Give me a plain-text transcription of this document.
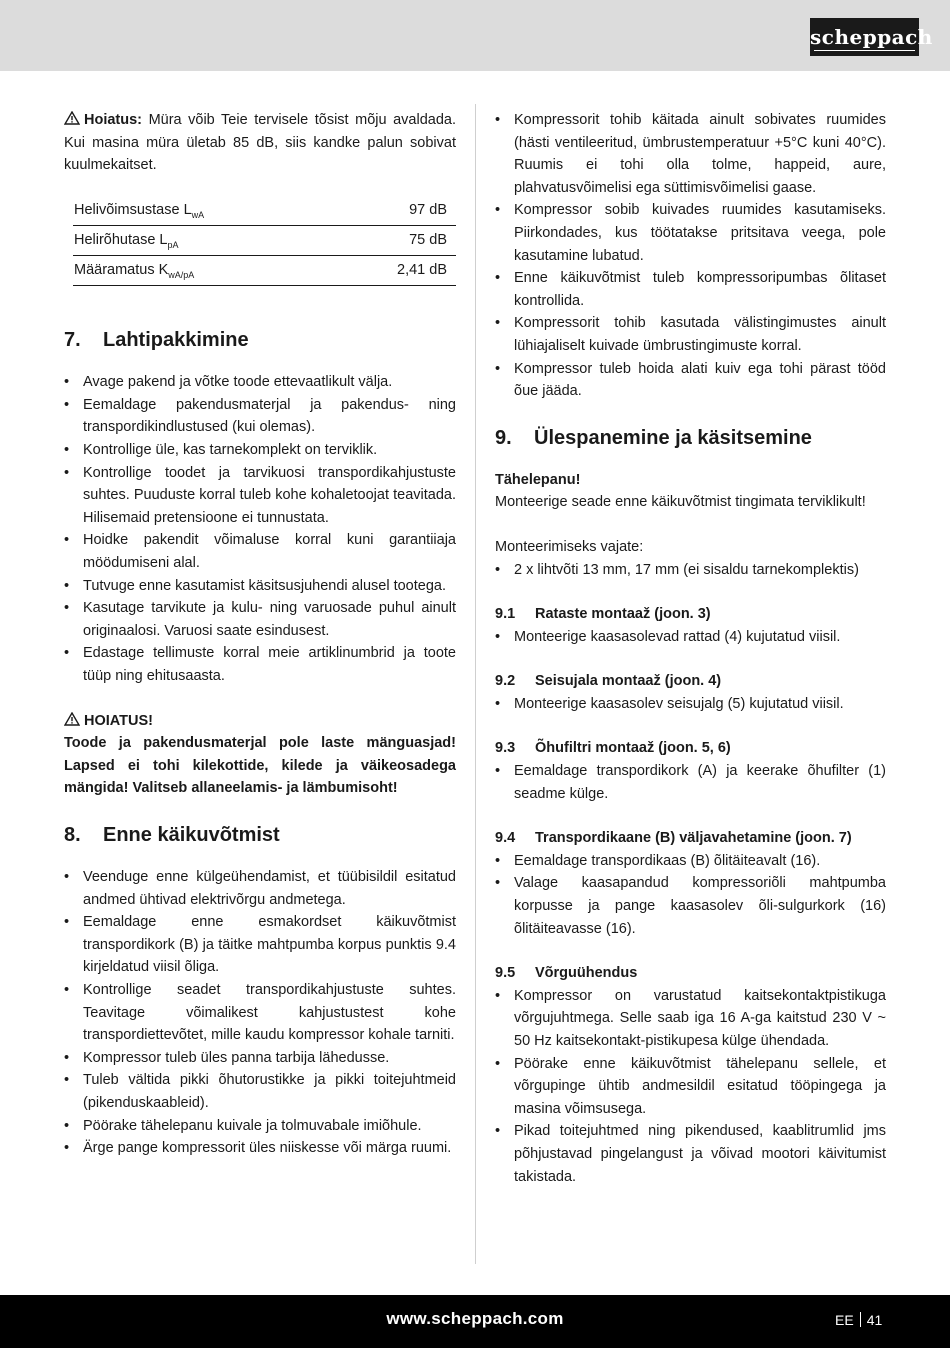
scheppach

Hoiatus: Müra võib Teie tervisele tõsist mõju avaldada. Kui masina müra ületab 85 dB, siis kandke palun sobivat kuulmekaitset.

Helivõimsustase $L_{wA}$	97 dB
Helirõhutase $L_{pA}$	75 dB
Määramatus $K_{wA/pA}$	2,41 dB
7. Lahtipakkimine
• Avage pakend ja võtke toode ettevaatlikult välja.
• Eemaldage pakendusmaterjal ja pakendus- ning transpordikindlustused (kui olemas).
• Kontrollige üle, kas tarnekomplekt on terviklik.
• Kontrollige toodet ja tarvikuosi transpordikahjustuste suhtes. Puuduste korral tuleb kohe kohaletoojat teavitada. Hilisemaid pretensioone ei tunnustata.
• Hoidke pakendit võimaluse korral kuni garantiiaja möödumiseni alal.
• Tutvuge enne kasutamist käsitsusjuhendi alusel tootega.
• Kasutage tarvikute ja kulu- ning varuosade puhul ainult originaalosi. Varuosi saate esindusest.
• Edastage tellimuste korral meie artiklinumbrid ja toote tüüp ning ehitusaasta.
HOIATUS!

Toode ja pakendusmaterjal pole laste mänguasjad! Lapsed ei tohi kilekottide, kilede ja väikeosadega mängida! Valitseb allaneelamis- ja lämbumisoht!

8. Enne käikuvõtmist
• Veenduge enne külgeühendamist, et tüübisildil esitatud andmed ühtivad elektrivõrgu andmetega.
• Eemaldage enne esmakordset käikuvõtmist transpordikork (B) ja täitke mahtpumba korpus punktis 9.4 kirjeldatud viisil õliga.
• Kontrollige seadet transpordikahjustuste suhtes. Teavitage võimalikest kahjustustest kohe transpordiettevõtet, mille kaudu kompressor kohale tarniti.
• Kompressor tuleb üles panna tarbija lähedusse.
• Tuleb vältida pikki õhutorustikke ja pikki toitejuhtmeid (pikenduskaableid).
• Pöörake tähelepanu kuivale ja tolmuvabale imiõhule.
• Ärge pange kompressorit üles niiskesse või märga ruumi.
• Kompressorit tohib käitada ainult sobivates ruumides (hästi ventileeritud, ümbrustemperatuur +5°C kuni 40°C). Ruumis ei tohi olla tolme, happeid, aure, plahvatusvõimelisi ega süttimisvõimelisi gaase.
• Kompressor sobib kuivades ruumides kasutamiseks. Piirkondades, kus töötatakse pritsitava veega, pole kasutamine lubatud.
• Enne käikuvõtmist tuleb kompressoripumbas õlitaset kontrollida.
• Kompressorit tohib kasutada välistingimustes ainult lühiajaliselt kuivade ümbrustingimuste korral.
• Kompressor tuleb hoida alati kuiv ega tohi pärast tööd õue jääda.
9. Ülespanemine ja käsitsemine
Tähelepanu!

Monteerige seade enne käikuvõtmist tingimata terviklikult!

Monteerimiseks vajate:

• 2 x lihtvõti 13 mm, 17 mm (ei sisaldu tarnekomplektis)
9.1 Rataste montaaž (joon. 3)
• Monteerige kaasasolevad rattad (4) kujutatud viisil.
9.2 Seisujala montaaž (joon. 4)
• Monteerige kaasasolev seisujalg (5) kujutatud viisil.
9.3 Õhufiltri montaaž (joon. 5, 6)
• Eemaldage transpordikork (A) ja keerake õhufilter (1) seadme külge.
9.4 Transpordikaane (B) väljavahetamine (joon. 7)
• Eemaldage transpordikaas (B) õlitäiteavalt (16).
• Valage kaasapandud kompressoriõli mahtpumba korpusse ja pange kaasasolev õli-sulgurkork (16) õlitäiteavasse (16).
9.5 Võrguühendus
• Kompressor on varustatud kaitsekontaktpistikuga võrgujuhtmega. Selle saab iga 16 A-ga kaitstud 230 V ~ 50 Hz kaitsekontakt-pistikupesa külge ühendada.
• Pöörake enne käikuvõtmist tähelepanu sellele, et võrgupinge ühtib andmesildil esitatud tööpingega ja masina võimsusega.
• Pikad toitejuhtmed ning pikendused, kaablitrumlid jms põhjustavad pingelangust ja võivad mootori käivitumist takistada.
www.scheppach.com	EE 41
